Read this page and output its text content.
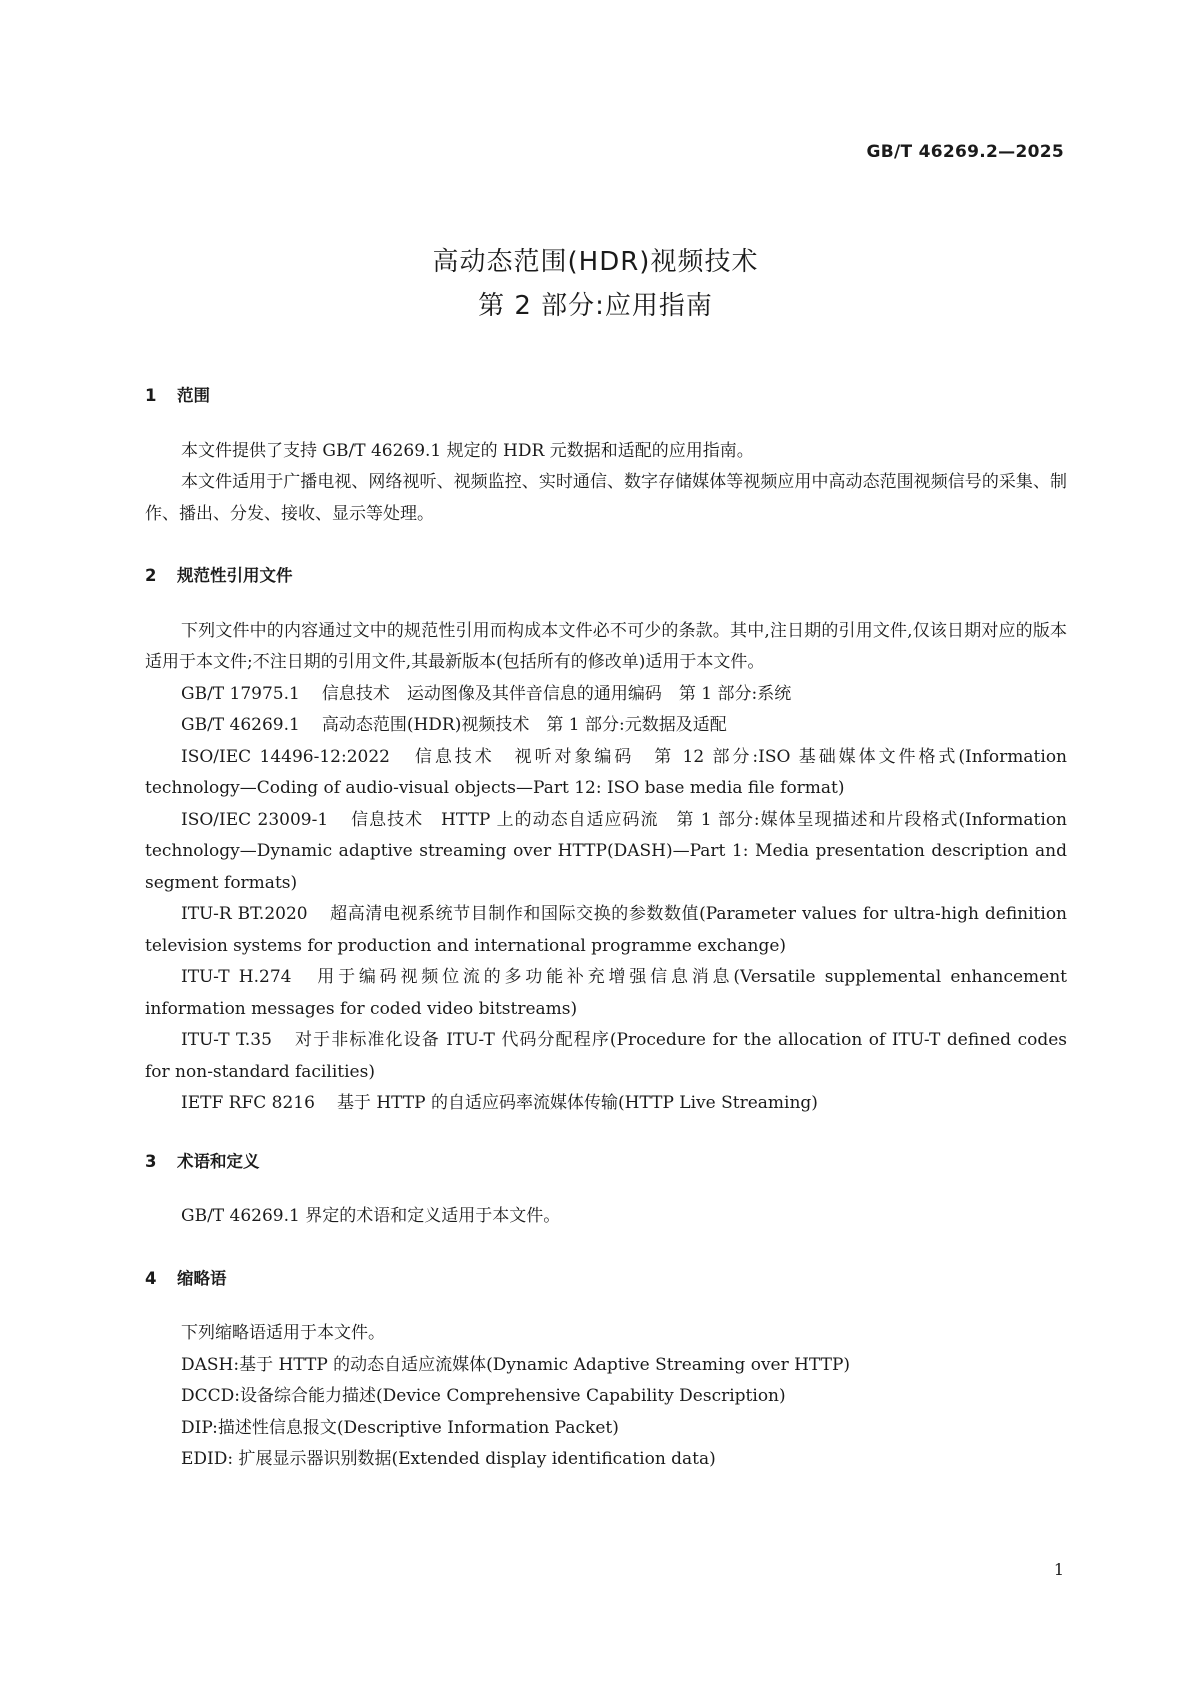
GB/T 46269.2—2025
高动态范围(HDR)视频技术
第 2 部分:应用指南
1 范围

本文件提供了支持 GB/T 46269.1 规定的 HDR 元数据和适配的应用指南。

本文件适用于广播电视、网络视听、视频监控、实时通信、数字存储媒体等视频应用中高动态范围视频信号的采集、制作、播出、分发、接收、显示等处理。

2 规范性引用文件

下列文件中的内容通过文中的规范性引用而构成本文件必不可少的条款。其中,注日期的引用文件,仅该日期对应的版本适用于本文件;不注日期的引用文件,其最新版本(包括所有的修改单)适用于本文件。

GB/T 17975.1 信息技术　运动图像及其伴音信息的通用编码　第 1 部分:系统

GB/T 46269.1 高动态范围(HDR)视频技术　第 1 部分:元数据及适配

ISO/IEC 14496-12:2022 信息技术　视听对象编码　第 12 部分:ISO 基础媒体文件格式(Information technology—Coding of audio-visual objects—Part 12: ISO base media file format)

ISO/IEC 23009-1 信息技术　HTTP 上的动态自适应码流　第 1 部分:媒体呈现描述和片段格式(Information technology—Dynamic adaptive streaming over HTTP(DASH)—Part 1: Media presentation description and segment formats)

ITU-R BT.2020 超高清电视系统节目制作和国际交换的参数数值(Parameter values for ultra-high definition television systems for production and international programme exchange)

ITU-T H.274 用于编码视频位流的多功能补充增强信息消息(Versatile supplemental enhancement information messages for coded video bitstreams)

ITU-T T.35 对于非标准化设备 ITU-T 代码分配程序(Procedure for the allocation of ITU-T defined codes for non-standard facilities)

IETF RFC 8216 基于 HTTP 的自适应码率流媒体传输(HTTP Live Streaming)

3 术语和定义

GB/T 46269.1 界定的术语和定义适用于本文件。

4 缩略语

下列缩略语适用于本文件。

DASH:基于 HTTP 的动态自适应流媒体(Dynamic Adaptive Streaming over HTTP)

DCCD:设备综合能力描述(Device Comprehensive Capability Description)

DIP:描述性信息报文(Descriptive Information Packet)

EDID: 扩展显示器识别数据(Extended display identification data)

1
